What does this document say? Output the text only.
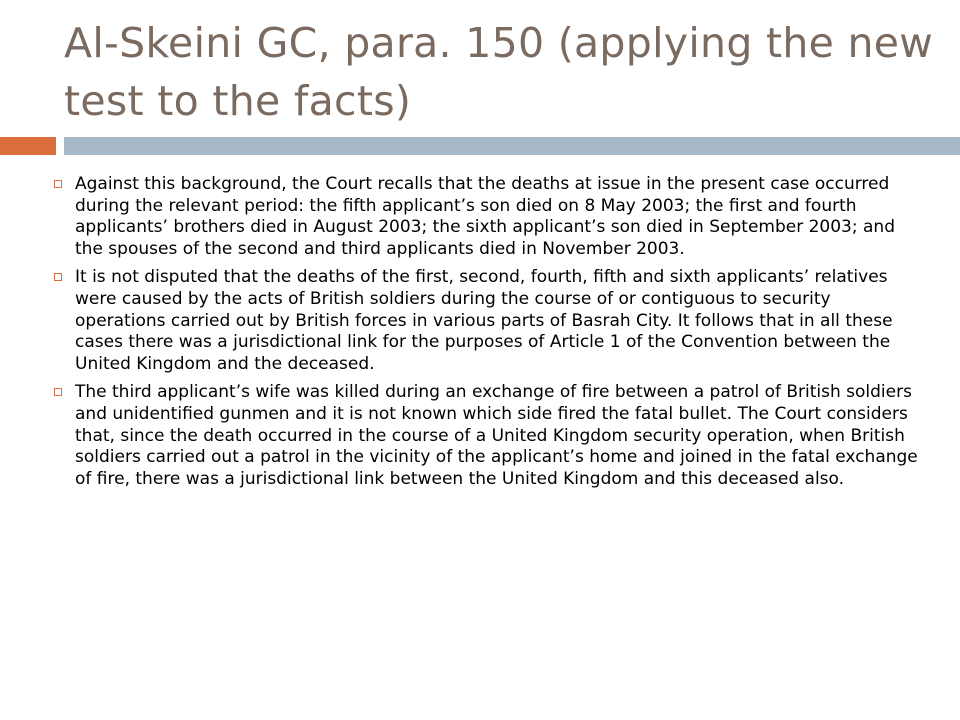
Al-Skeini GC, para. 150 (applying the new test to the facts)

Against this background, the Court recalls that the deaths at issue in the present case occurred during the relevant period: the fifth applicant’s son died on 8 May 2003; the first and fourth applicants’ brothers died in August 2003; the sixth applicant’s son died in September 2003; and the spouses of the second and third applicants died in November 2003.

It is not disputed that the deaths of the first, second, fourth, fifth and sixth applicants’ relatives were caused by the acts of British soldiers during the course of or contiguous to security operations carried out by British forces in various parts of Basrah City. It follows that in all these cases there was a jurisdictional link for the purposes of Article 1 of the Convention between the United Kingdom and the deceased.

The third applicant’s wife was killed during an exchange of fire between a patrol of British soldiers and unidentified gunmen and it is not known which side fired the fatal bullet. The Court considers that, since the death occurred in the course of a United Kingdom security operation, when British soldiers carried out a patrol in the vicinity of the applicant’s home and joined in the fatal exchange of fire, there was a jurisdictional link between the United Kingdom and this deceased also.
